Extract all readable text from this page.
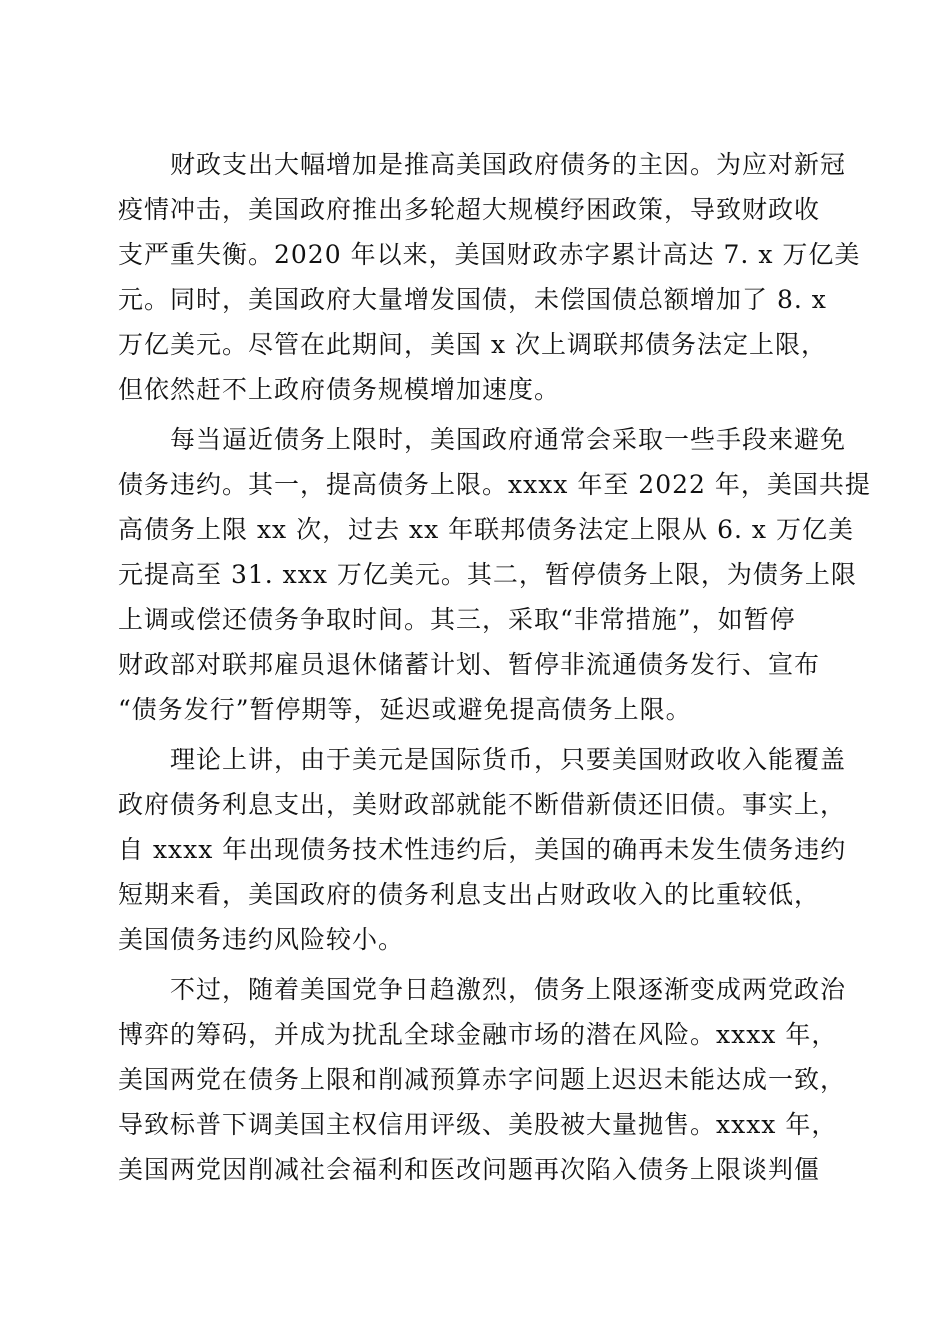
　　财政支出大幅增加是推高美国政府债务的主因。为应对新冠
疫情冲击，美国政府推出多轮超大规模纾困政策，导致财政收
支严重失衡。2020 年以来，美国财政赤字累计高达 7. x 万亿美
元。同时，美国政府大量增发国债，未偿国债总额增加了 8. x
万亿美元。尽管在此期间，美国 x 次上调联邦债务法定上限，
但依然赶不上政府债务规模增加速度。
　　每当逼近债务上限时，美国政府通常会采取一些手段来避免
债务违约。其一，提高债务上限。xxxx 年至 2022 年，美国共提
高债务上限 xx 次，过去 xx 年联邦债务法定上限从 6. x 万亿美
元提高至 31. xxx 万亿美元。其二，暂停债务上限，为债务上限
上调或偿还债务争取时间。其三，采取“非常措施”，如暂停
财政部对联邦雇员退休储蓄计划、暂停非流通债务发行、宣布
“债务发行”暂停期等，延迟或避免提高债务上限。
　　理论上讲，由于美元是国际货币，只要美国财政收入能覆盖
政府债务利息支出，美财政部就能不断借新债还旧债。事实上，
自 xxxx 年出现债务技术性违约后，美国的确再未发生债务违约
短期来看，美国政府的债务利息支出占财政收入的比重较低，
美国债务违约风险较小。
　　不过，随着美国党争日趋激烈，债务上限逐渐变成两党政治
博弈的筹码，并成为扰乱全球金融市场的潜在风险。xxxx 年，
美国两党在债务上限和削减预算赤字问题上迟迟未能达成一致，
导致标普下调美国主权信用评级、美股被大量抛售。xxxx 年，
美国两党因削减社会福利和医改问题再次陷入债务上限谈判僵
